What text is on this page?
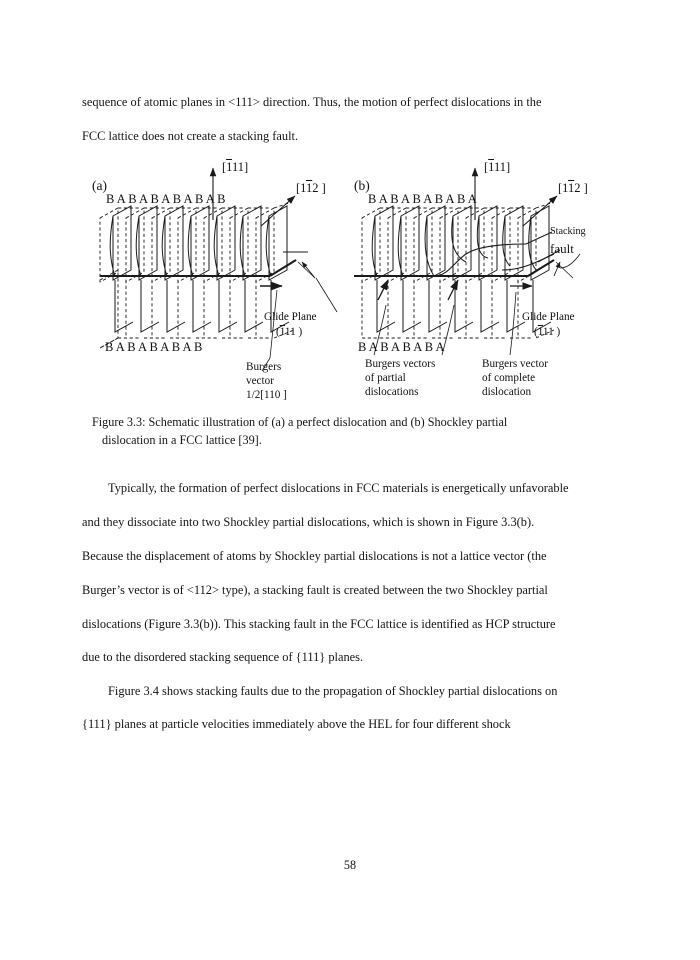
sequence of atomic planes in <111> direction. Thus, the motion of perfect dislocations in the
FCC lattice does not create a stacking fault.
(a)
[111]
[112 ]
B A B A B A B A B A B
B A B A B A B A B
Glide Plane
(111 )
Burgers
vector
1/2[110 ]
(b)
[111]
[112 ]
B A B A B A B A B A
B A B A B A B A
Stacking
fault
Glide Plane
(111 )
Burgers vectors
of partial
dislocations
Burgers vector
of complete
dislocation
Figure 3.3: Schematic illustration of (a) a perfect dislocation and (b) Shockley partial
dislocation in a FCC lattice [39].
Typically, the formation of perfect dislocations in FCC materials is energetically unfavorable
and they dissociate into two Shockley partial dislocations, which is shown in Figure 3.3(b).
Because the displacement of atoms by Shockley partial dislocations is not a lattice vector (the
Burger’s vector is of <112> type), a stacking fault is created between the two Shockley partial
dislocations (Figure 3.3(b)). This stacking fault in the FCC lattice is identified as HCP structure
due to the disordered stacking sequence of {111} planes.
Figure 3.4 shows stacking faults due to the propagation of Shockley partial dislocations on
{111} planes at particle velocities immediately above the HEL for four different shock
58
